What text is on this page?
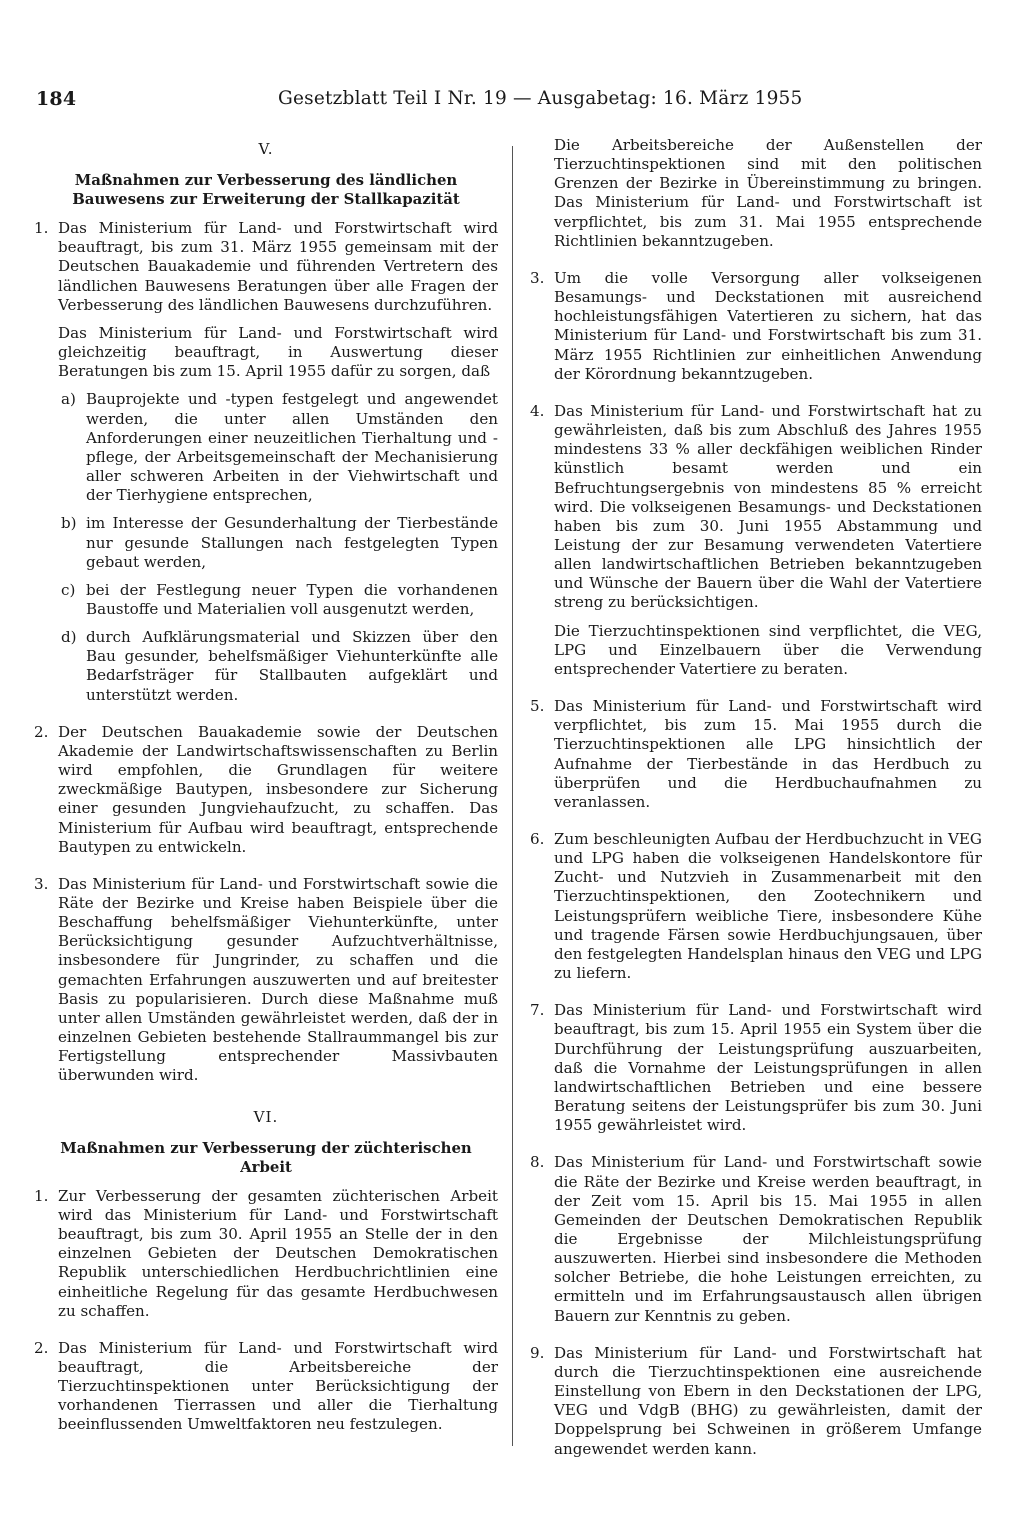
184	Gesetzblatt Teil I Nr. 19 — Ausgabetag: 16. März 1955
V.
Maßnahmen zur Verbesserung des ländlichen Bauwesens zur Erweiterung der Stallkapazität
1. Das Ministerium für Land- und Forstwirtschaft wird beauftragt, bis zum 31. März 1955 gemeinsam mit der Deutschen Bauakademie und führenden Vertretern des ländlichen Bauwesens Beratungen über alle Fragen der Verbesserung des ländlichen Bauwesens durchzuführen.
Das Ministerium für Land- und Forstwirtschaft wird gleichzeitig beauftragt, in Auswertung dieser Beratungen bis zum 15. April 1955 dafür zu sorgen, daß
a) Bauprojekte und -typen festgelegt und angewendet werden, die unter allen Umständen den Anforderungen einer neuzeitlichen Tierhaltung und -pflege, der Arbeitsgemeinschaft der Mechanisierung aller schweren Arbeiten in der Viehwirtschaft und der Tierhygiene entsprechen,
b) im Interesse der Gesunderhaltung der Tierbestände nur gesunde Stallungen nach festgelegten Typen gebaut werden,
c) bei der Festlegung neuer Typen die vorhandenen Baustoffe und Materialien voll ausgenutzt werden,
d) durch Aufklärungsmaterial und Skizzen über den Bau gesunder, behelfsmäßiger Viehunterkünfte alle Bedarfsträger für Stallbauten aufgeklärt und unterstützt werden.
2. Der Deutschen Bauakademie sowie der Deutschen Akademie der Landwirtschaftswissenschaften zu Berlin wird empfohlen, die Grundlagen für weitere zweckmäßige Bautypen, insbesondere zur Sicherung einer gesunden Jungviehaufzucht, zu schaffen. Das Ministerium für Aufbau wird beauftragt, entsprechende Bautypen zu entwickeln.
3. Das Ministerium für Land- und Forstwirtschaft sowie die Räte der Bezirke und Kreise haben Beispiele über die Beschaffung behelfsmäßiger Viehunterkünfte, unter Berücksichtigung gesunder Aufzuchtverhältnisse, insbesondere für Jungrinder, zu schaffen und die gemachten Erfahrungen auszuwerten und auf breitester Basis zu popularisieren. Durch diese Maßnahme muß unter allen Umständen gewährleistet werden, daß der in einzelnen Gebieten bestehende Stallraummangel bis zur Fertigstellung entsprechender Massivbauten überwunden wird.
VI.
Maßnahmen zur Verbesserung der züchterischen Arbeit
1. Zur Verbesserung der gesamten züchterischen Arbeit wird das Ministerium für Land- und Forstwirtschaft beauftragt, bis zum 30. April 1955 an Stelle der in den einzelnen Gebieten der Deutschen Demokratischen Republik unterschiedlichen Herdbuchrichtlinien eine einheitliche Regelung für das gesamte Herdbuchwesen zu schaffen.
2. Das Ministerium für Land- und Forstwirtschaft wird beauftragt, die Arbeitsbereiche der Tierzuchtinspektionen unter Berücksichtigung der vorhandenen Tierrassen und aller die Tierhaltung beeinflussenden Umweltfaktoren neu festzulegen.
Die Arbeitsbereiche der Außenstellen der Tierzuchtinspektionen sind mit den politischen Grenzen der Bezirke in Übereinstimmung zu bringen. Das Ministerium für Land- und Forstwirtschaft ist verpflichtet, bis zum 31. Mai 1955 entsprechende Richtlinien bekanntzugeben.
3. Um die volle Versorgung aller volkseigenen Besamungs- und Deckstationen mit ausreichend hochleistungsfähigen Vatertieren zu sichern, hat das Ministerium für Land- und Forstwirtschaft bis zum 31. März 1955 Richtlinien zur einheitlichen Anwendung der Körordnung bekanntzugeben.
4. Das Ministerium für Land- und Forstwirtschaft hat zu gewährleisten, daß bis zum Abschluß des Jahres 1955 mindestens 33 % aller deckfähigen weiblichen Rinder künstlich besamt werden und ein Befruchtungsergebnis von mindestens 85 % erreicht wird. Die volkseigenen Besamungs- und Deckstationen haben bis zum 30. Juni 1955 Abstammung und Leistung der zur Besamung verwendeten Vatertiere allen landwirtschaftlichen Betrieben bekanntzugeben und Wünsche der Bauern über die Wahl der Vatertiere streng zu berücksichtigen.
Die Tierzuchtinspektionen sind verpflichtet, die VEG, LPG und Einzelbauern über die Verwendung entsprechender Vatertiere zu beraten.
5. Das Ministerium für Land- und Forstwirtschaft wird verpflichtet, bis zum 15. Mai 1955 durch die Tierzuchtinspektionen alle LPG hinsichtlich der Aufnahme der Tierbestände in das Herdbuch zu überprüfen und die Herdbuchaufnahmen zu veranlassen.
6. Zum beschleunigten Aufbau der Herdbuchzucht in VEG und LPG haben die volkseigenen Handelskontore für Zucht- und Nutzvieh in Zusammenarbeit mit den Tierzuchtinspektionen, den Zootechnikern und Leistungsprüfern weibliche Tiere, insbesondere Kühe und tragende Färsen sowie Herdbuchjungsauen, über den festgelegten Handelsplan hinaus den VEG und LPG zu liefern.
7. Das Ministerium für Land- und Forstwirtschaft wird beauftragt, bis zum 15. April 1955 ein System über die Durchführung der Leistungsprüfung auszuarbeiten, daß die Vornahme der Leistungsprüfungen in allen landwirtschaftlichen Betrieben und eine bessere Beratung seitens der Leistungsprüfer bis zum 30. Juni 1955 gewährleistet wird.
8. Das Ministerium für Land- und Forstwirtschaft sowie die Räte der Bezirke und Kreise werden beauftragt, in der Zeit vom 15. April bis 15. Mai 1955 in allen Gemeinden der Deutschen Demokratischen Republik die Ergebnisse der Milchleistungsprüfung auszuwerten. Hierbei sind insbesondere die Methoden solcher Betriebe, die hohe Leistungen erreichten, zu ermitteln und im Erfahrungsaustausch allen übrigen Bauern zur Kenntnis zu geben.
9. Das Ministerium für Land- und Forstwirtschaft hat durch die Tierzuchtinspektionen eine ausreichende Einstellung von Ebern in den Deckstationen der LPG, VEG und VdgB (BHG) zu gewährleisten, damit der Doppelsprung bei Schweinen in größerem Umfange angewendet werden kann.
